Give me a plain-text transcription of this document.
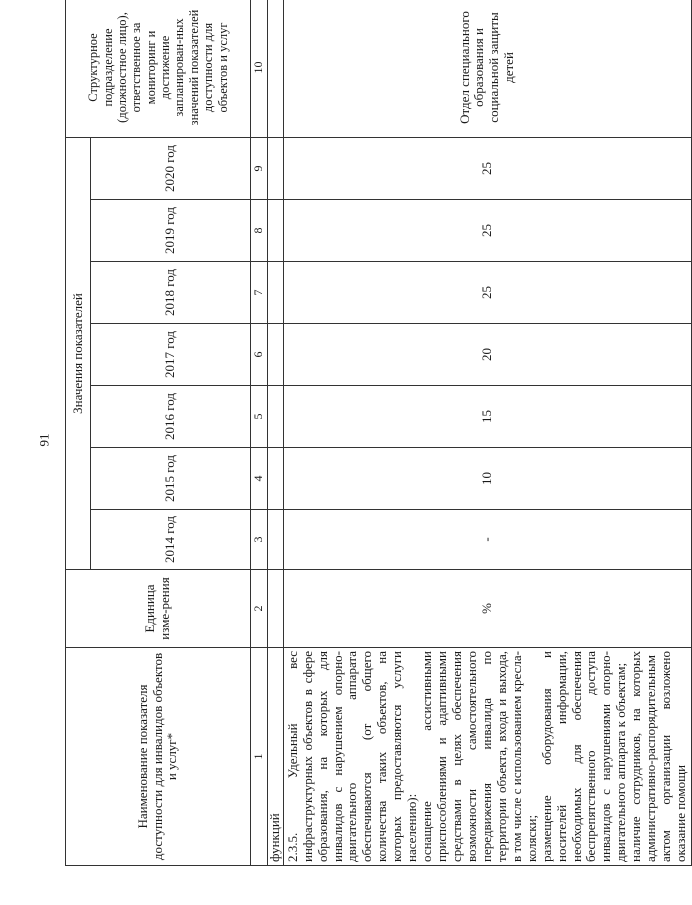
91
Наименование показателя доступности для инвалидов объектов и услуг*	Единица изме-рения	Значения показателей							Структурное подразделение (должностное лицо), ответственное за мониторинг и достижение запланирован-ных значений показателей доступности для объектов и услуг
		2014 год	2015 год	2016 год	2017 год	2018 год	2019 год	2020 год	
1	2	3	4	5	6	7	8	9	10
функций									

2.3.5. Удельный вес инфраструктурных объектов в сфере образования, на которых для инвалидов с нарушением опорно-двигательного аппарата обеспечиваются (от общего количества таких объектов, на которых предоставляются услуги населению): оснащение ассистивными приспособлениями и адаптивными средствами в целях обеспечения возможности самостоятельного передвижения инвалида по территории объекта, входа и выхода, в том числе с использованием кресла-коляски; размещение оборудования и носителей информации, необходимых для обеспечения беспрепятственного доступа инвалидов с нарушениями опорно-двигательного аппарата к объектам; наличие сотрудников, на которых административно-распорядительным актом организации возложено оказание помощи	%	-	10	15	20	25	25	25	Отдел специального образования и социальной защиты детей
